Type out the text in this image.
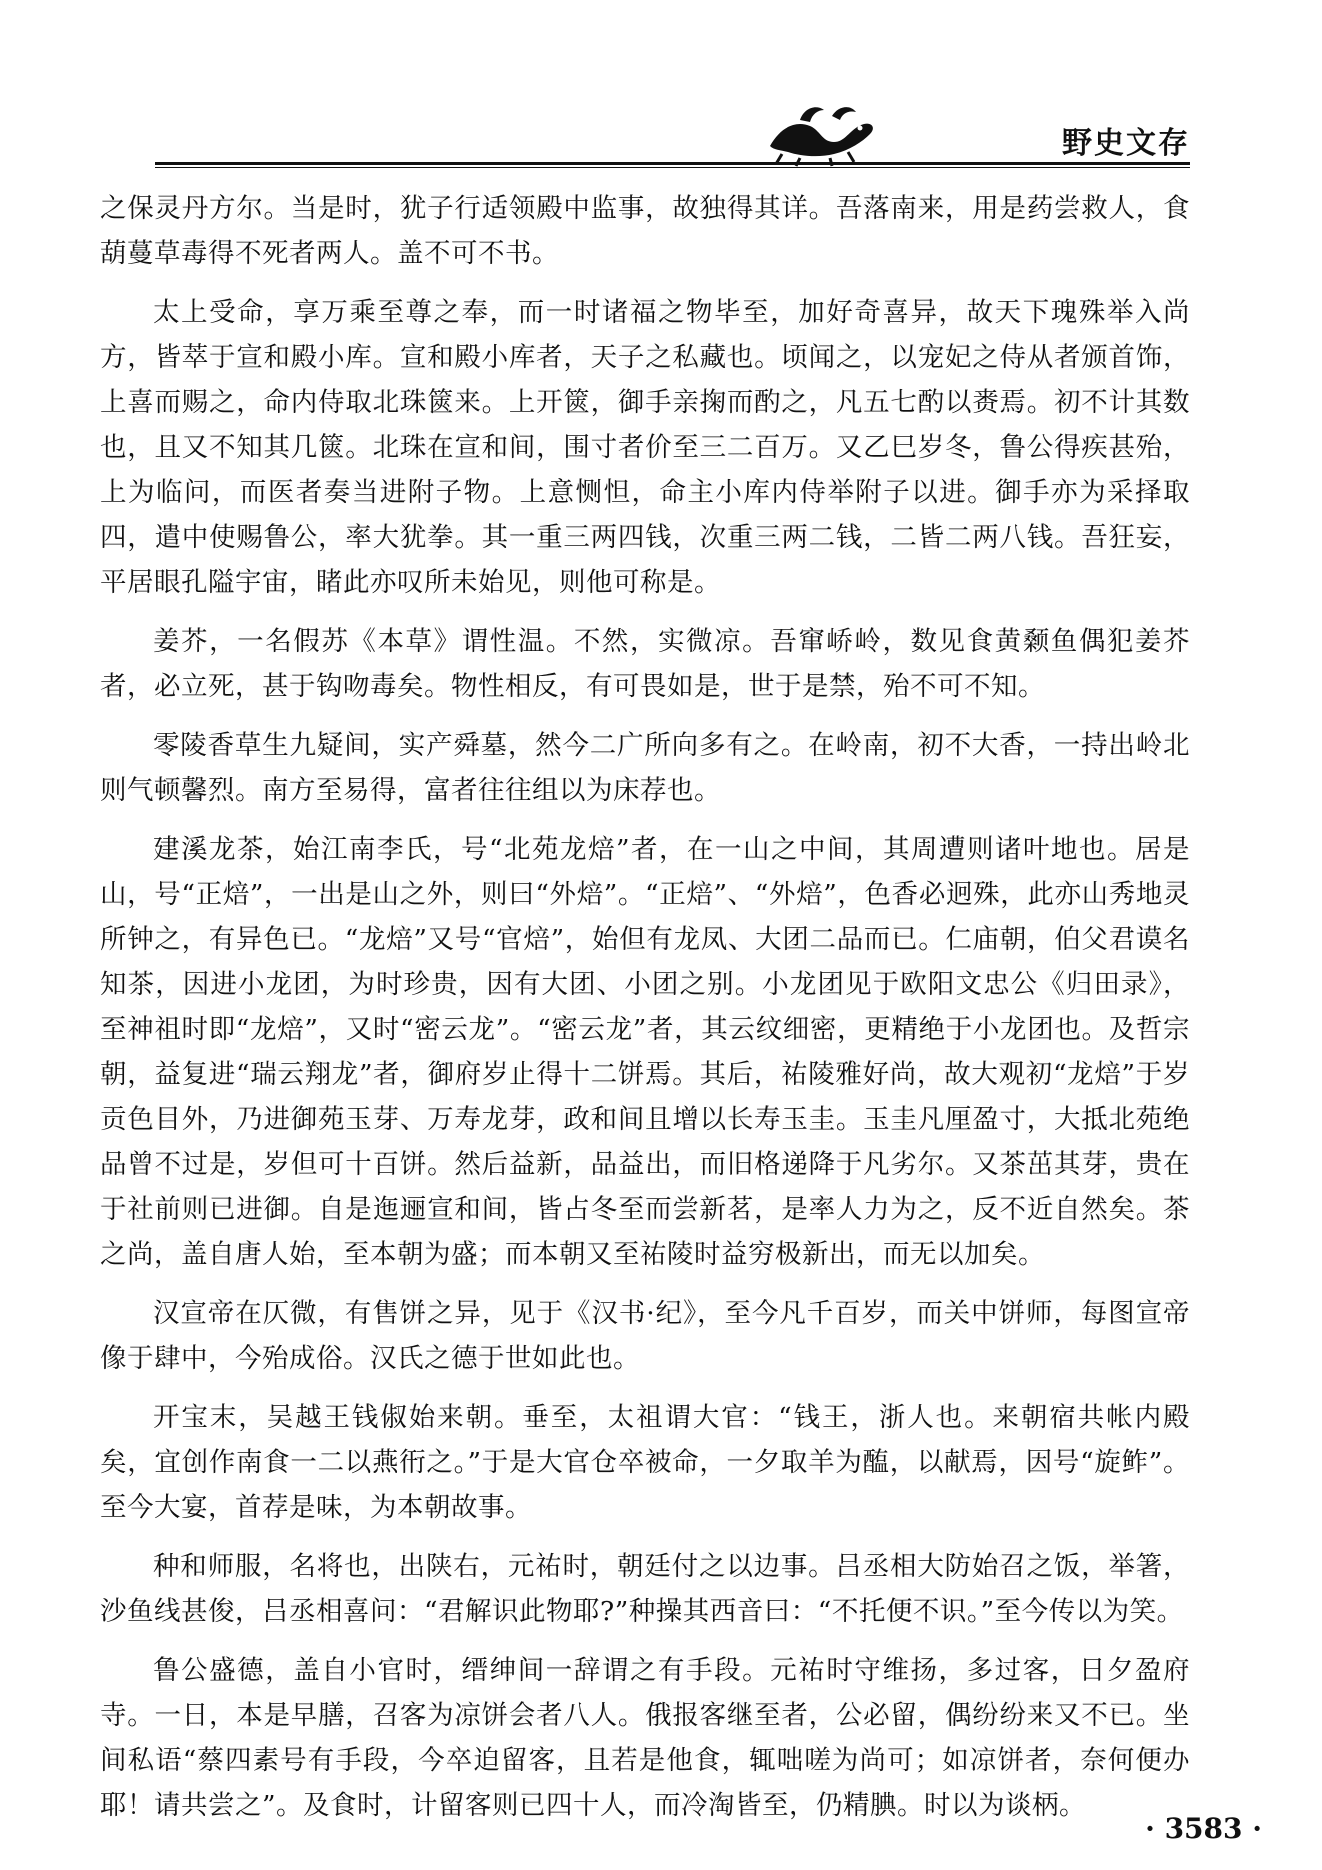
野史文存

之保灵丹方尔。当是时，犹子行适领殿中监事，故独得其详。吾落南来，用是药尝救人，食葫蔓草毒得不死者两人。盖不可不书。

太上受命，享万乘至尊之奉，而一时诸福之物毕至，加好奇喜异，故天下瑰殊举入尚方，皆萃于宣和殿小库。宣和殿小库者，天子之私藏也。顷闻之，以宠妃之侍从者颁首饰，上喜而赐之，命内侍取北珠篋来。上开篋，御手亲掬而酌之，凡五七酌以赉焉。初不计其数也，且又不知其几篋。北珠在宣和间，围寸者价至三二百万。又乙巳岁冬，鲁公得疾甚殆，上为临问，而医者奏当进附子物。上意恻怛，命主小库内侍举附子以进。御手亦为采择取四，遣中使赐鲁公，率大犹拳。其一重三两四钱，次重三两二钱，二皆二两八钱。吾狂妄，平居眼孔隘宇宙，睹此亦叹所未始见，则他可称是。

姜芥，一名假苏《本草》谓性温。不然，实微凉。吾窜峤岭，数见食黄颡鱼偶犯姜芥者，必立死，甚于钩吻毒矣。物性相反，有可畏如是，世于是禁，殆不可不知。

零陵香草生九疑间，实产舜墓，然今二广所向多有之。在岭南，初不大香，一持出岭北则气顿馨烈。南方至易得，富者往往组以为床荐也。

建溪龙茶，始江南李氏，号“北苑龙焙”者，在一山之中间，其周遭则诸叶地也。居是山，号“正焙”，一出是山之外，则曰“外焙”。“正焙”、“外焙”，色香必迥殊，此亦山秀地灵所钟之，有异色已。“龙焙”又号“官焙”，始但有龙凤、大团二品而已。仁庙朝，伯父君谟名知茶，因进小龙团，为时珍贵，因有大团、小团之别。小龙团见于欧阳文忠公《归田录》，至神祖时即“龙焙”，又时“密云龙”。“密云龙”者，其云纹细密，更精绝于小龙团也。及哲宗朝，益复进“瑞云翔龙”者，御府岁止得十二饼焉。其后，祐陵雅好尚，故大观初“龙焙”于岁贡色目外，乃进御苑玉芽、万寿龙芽，政和间且增以长寿玉圭。玉圭凡厘盈寸，大抵北苑绝品曾不过是，岁但可十百饼。然后益新，品益出，而旧格递降于凡劣尔。又茶茁其芽，贵在于社前则已进御。自是迤逦宣和间，皆占冬至而尝新茗，是率人力为之，反不近自然矣。茶之尚，盖自唐人始，至本朝为盛；而本朝又至祐陵时益穷极新出，而无以加矣。

汉宣帝在仄微，有售饼之异，见于《汉书·纪》，至今凡千百岁，而关中饼师，每图宣帝像于肆中，今殆成俗。汉氏之德于世如此也。

开宝末，吴越王钱俶始来朝。垂至，太祖谓大官：“钱王，浙人也。来朝宿共帐内殿矣，宜创作南食一二以燕衎之。”于是大官仓卒被命，一夕取羊为醢，以献焉，因号“旋鲊”。至今大宴，首荐是味，为本朝故事。

种和师服，名将也，出陕右，元祐时，朝廷付之以边事。吕丞相大防始召之饭，举箸，沙鱼线甚俊，吕丞相喜问：“君解识此物耶?”种操其西音曰：“不托便不识。”至今传以为笑。

鲁公盛德，盖自小官时，缙绅间一辞谓之有手段。元祐时守维扬，多过客，日夕盈府寺。一日，本是早膳，召客为凉饼会者八人。俄报客继至者，公必留，偶纷纷来又不已。坐间私语“蔡四素号有手段，今卒迫留客，且若是他食，辄咄嗟为尚可；如凉饼者，奈何便办耶！请共尝之”。及食时，计留客则已四十人，而冷淘皆至，仍精腆。时以为谈柄。

· 3583 ·
